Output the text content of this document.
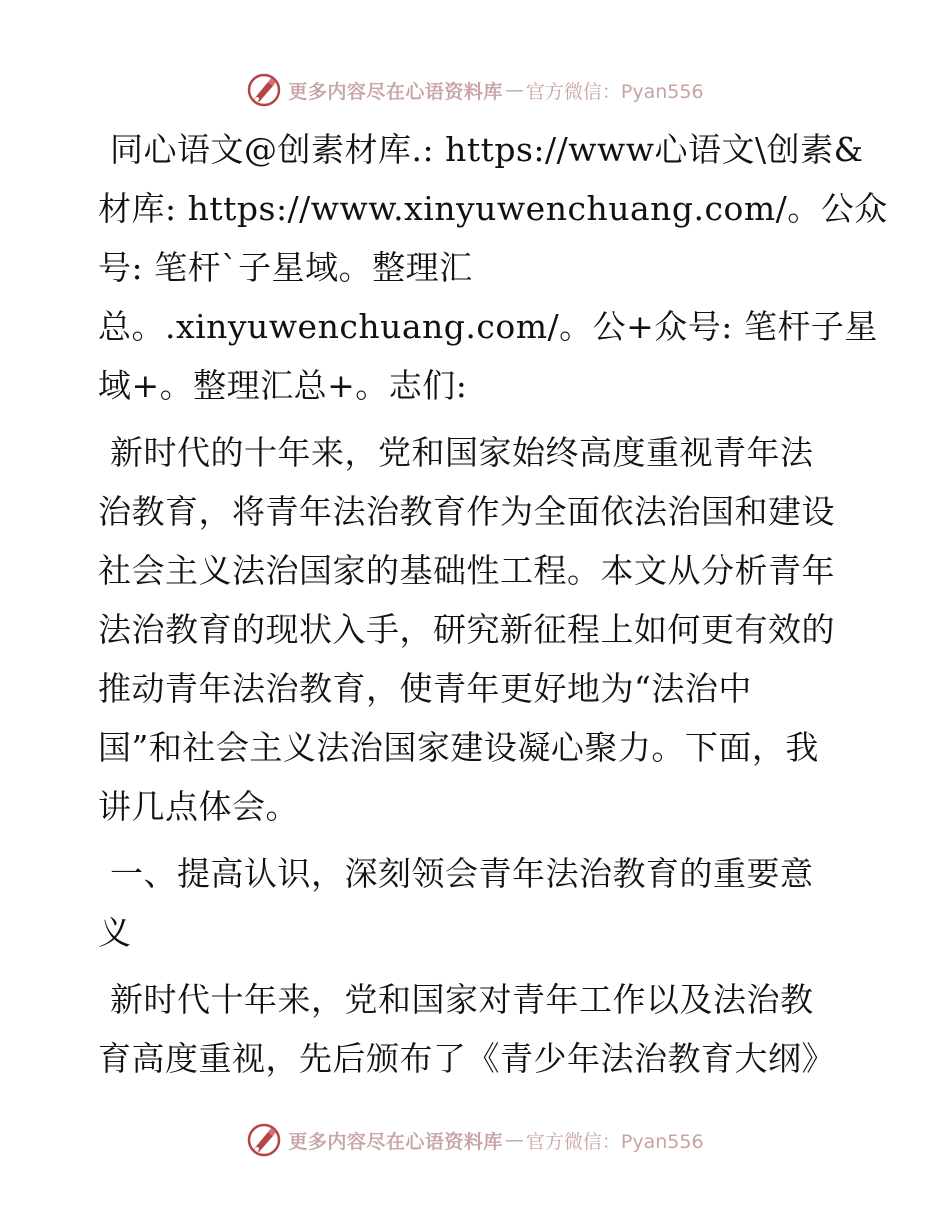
更多内容尽在心语资料库 — 官方微信：Pyan556
同心语文@创素材库.: https://www心语文\创素&
材库: https://www.xinyuwenchuang.com/。公众
号: 笔杆`子星域。整理汇
总。.xinyuwenchuang.com/。公+众号: 笔杆子星
域+。整理汇总+。志们:
新时代的十年来，党和国家始终高度重视青年法
治教育，将青年法治教育作为全面依法治国和建设
社会主义法治国家的基础性工程。本文从分析青年
法治教育的现状入手，研究新征程上如何更有效的
推动青年法治教育，使青年更好地为“法治中
国”和社会主义法治国家建设凝心聚力。下面，我
讲几点体会。
一、提高认识，深刻领会青年法治教育的重要意
义
新时代十年来，党和国家对青年工作以及法治教
育高度重视，先后颁布了《青少年法治教育大纲》
更多内容尽在心语资料库 — 官方微信：Pyan556
